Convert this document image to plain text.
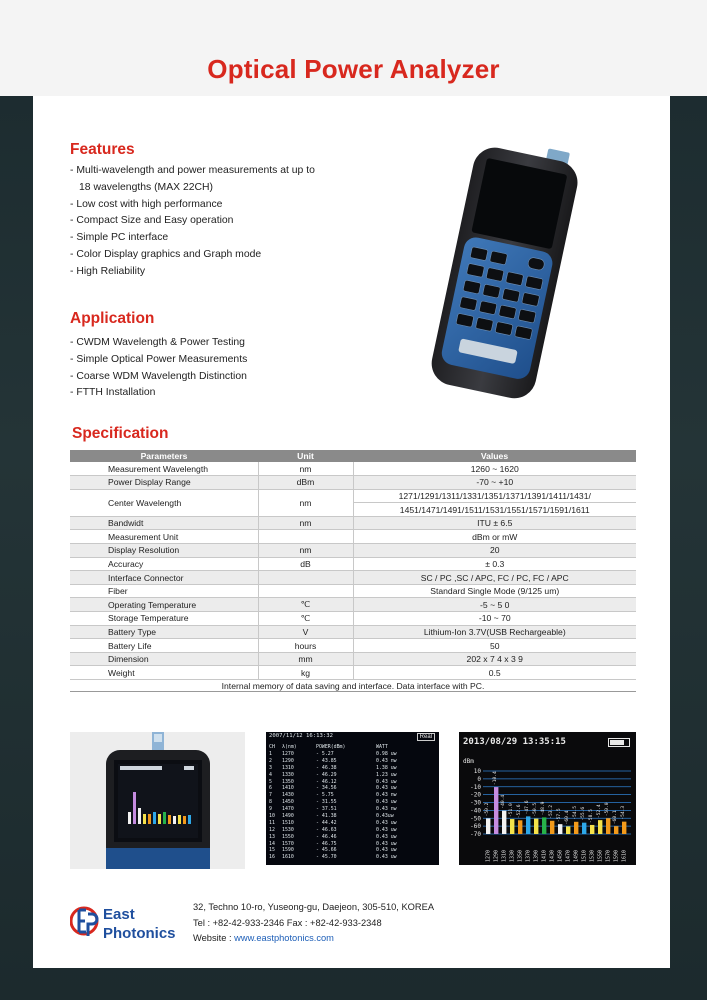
Optical Power Analyzer
Features
- Multi-wavelength and power measurements at up to
18 wavelengths (MAX 22CH)
- Low cost with high performance
- Compact Size and Easy operation
- Simple PC interface
- Color Display graphics and Graph mode
- High Reliability
Application
- CWDM Wavelength & Power Testing
- Simple Optical Power Measurements
- Coarse WDM Wavelength Distinction
- FTTH Installation
Specification
Parameters	Unit	Values
Measurement Wavelength	nm	1260 ~ 1620
Power Display Range	dBm	-70 ~ +10
Center Wavelength	nm	1271/1291/1311/1331/1351/1371/1391/1411/1431/
		1451/1471/1491/1511/1531/1551/1571/1591/1611
Bandwidt	nm	ITU ± 6.5
Measurement Unit		dBm or mW
Display Resolution	nm	20
Accuracy	dB	± 0.3
Interface Connector		SC / PC ,SC / APC, FC / PC, FC / APC
Fiber		Standard Single Mode (9/125 um)
Operating Temperature	℃	-5 ~ 5 0
Storage Temperature	℃	-10 ~ 70
Battery Type	V	Lithium-Ion 3.7V(USB Rechargeable)
Battery Life	hours	50
Dimension	mm	202 x 7 4 x 3 9
Weight	kg	0.5
Internal memory of data saving and interface. Data interface with PC.		
2007/11/12 16:13:32	Real
CH	λ(nm)	POWER(dBm)	WATT
1	1270	- 5.27	0.98 uw
2	1290	- 43.85	0.43 nw
3	1310	- 46.38	1.38 uw
4	1330	- 46.29	1.23 uw
5	1350	- 46.12	0.43 uw
6	1410	- 34.56	0.43 uw
7	1430	- 5.75	0.43 nw
8	1450	- 31.55	0.43 uw
9	1470	- 37.51	0.43 nw
10	1490	- 41.38	0.43uw
11	1510	- 44.42	0.43 uw
12	1530	- 46.63	0.43 uw
13	1550	- 46.46	0.43 uw
14	1570	- 46.75	0.43 uw
15	1590	- 45.66	0.43 uw
16	1610	- 45.70	0.43 uw
2013/08/29 13:35:15
dBm
10
0
-10
-20
-30
-40
-50
-60
-70
-50.2
1270
-10.4
1290
-40.4
1310
-51.0
1330
-52.6
1350
-47.6
1370
-50.5
1390
-48.9
1410
-53.2
1430
-57.5
1450
-60.4
1470
-54.5
1490
-55.6
1510
-58.5
1530
-52.4
1550
-50.0
1570
-60.1
1590
-54.3
1610
East
Photonics
32, Techno 10-ro, Yuseong-gu, Daejeon, 305-510, KOREA
Tel : +82-42-933-2346 Fax : +82-42-933-2348
Website : www.eastphotonics.com
